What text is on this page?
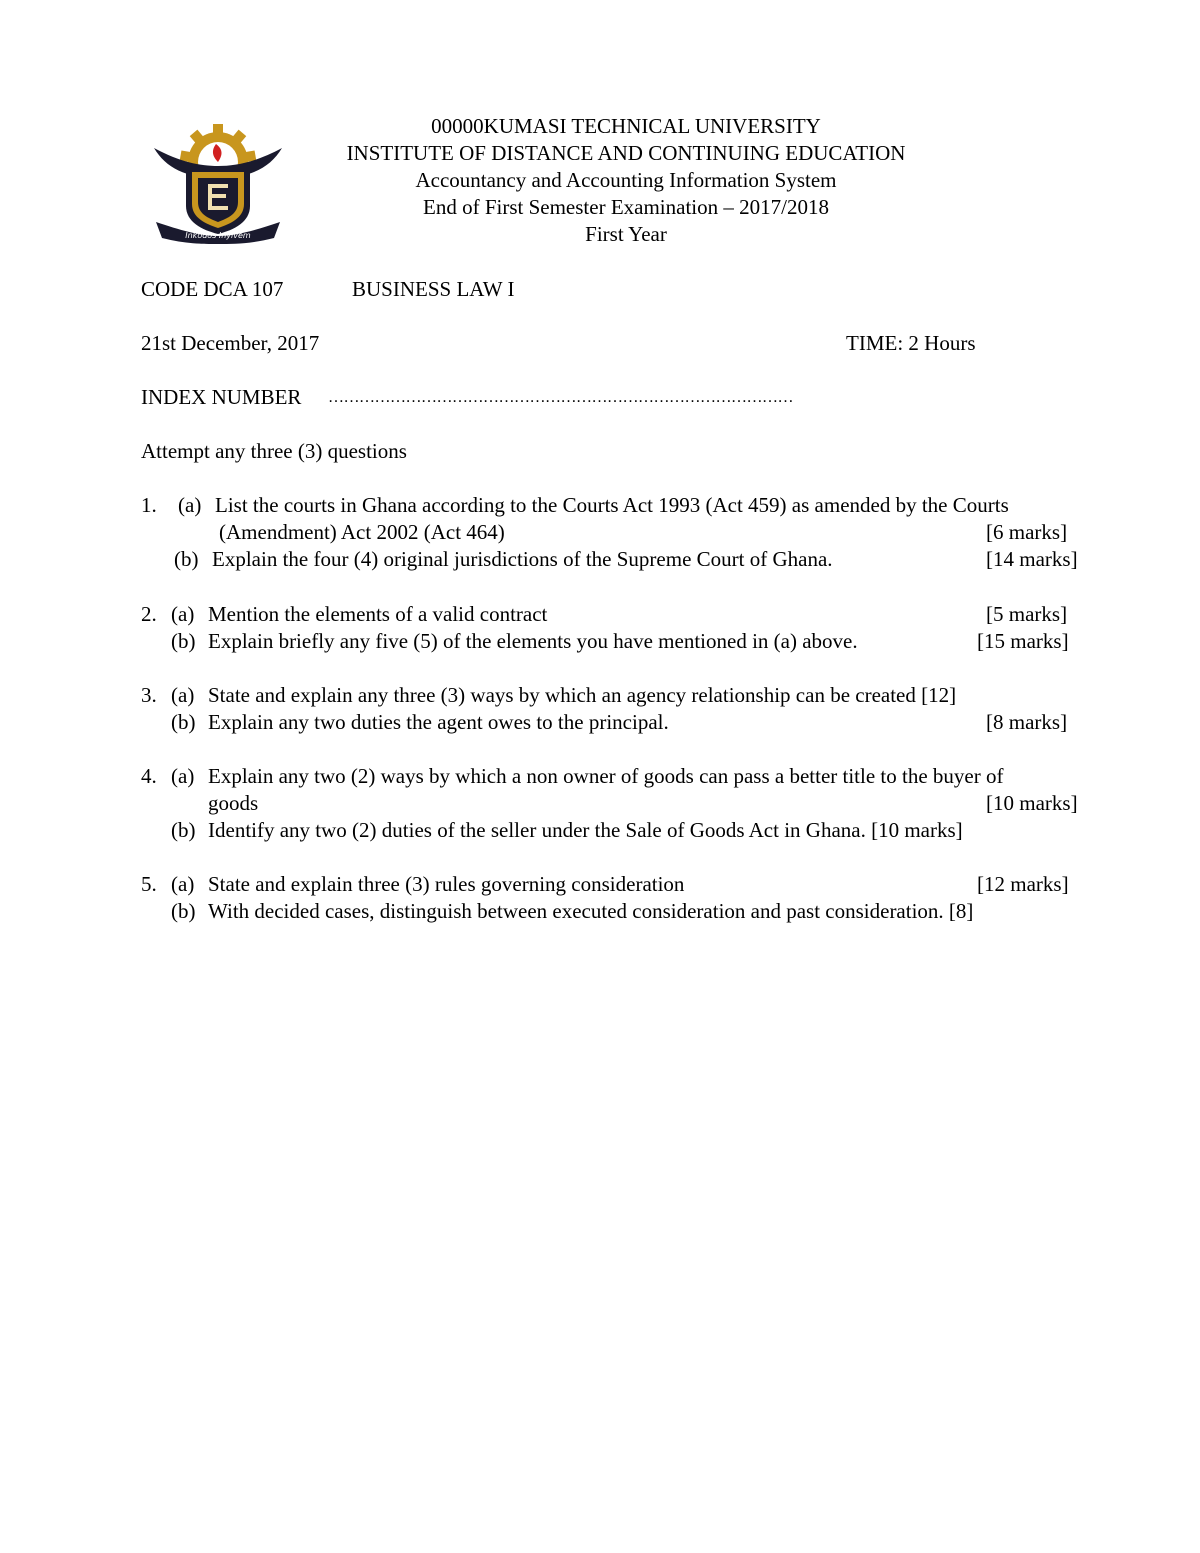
Inkodos Inyivem
00000KUMASI TECHNICAL UNIVERSITY
INSTITUTE OF DISTANCE AND CONTINUING EDUCATION
Accountancy and Accounting Information System
End of First Semester Examination – 2017/2018
First Year
CODE DCA 107	BUSINESS LAW I
21st December, 2017	TIME: 2 Hours
INDEX NUMBER ………………………………………………………………………………
Attempt any three (3) questions
1. (a) List the courts in Ghana according to the Courts Act 1993 (Act 459) as amended by the Courts
(Amendment) Act 2002 (Act 464)	[6 marks]
(b) Explain the four (4) original jurisdictions of the Supreme Court of Ghana.	[14 marks]
2. (a) Mention the elements of a valid contract	[5 marks]
(b) Explain briefly any five (5) of the elements you have mentioned in (a) above.	[15 marks]
3. (a) State and explain any three (3) ways by which an agency relationship can be created [12]
(b) Explain any two duties the agent owes to the principal.	[8 marks]
4. (a) Explain any two (2) ways by which a non owner of goods can pass a better title to the buyer of
goods	[10 marks]
(b) Identify any two (2) duties of the seller under the Sale of Goods Act in Ghana. [10 marks]
5. (a) State and explain three (3) rules governing consideration	[12 marks]
(b) With decided cases, distinguish between executed consideration and past consideration. [8]
